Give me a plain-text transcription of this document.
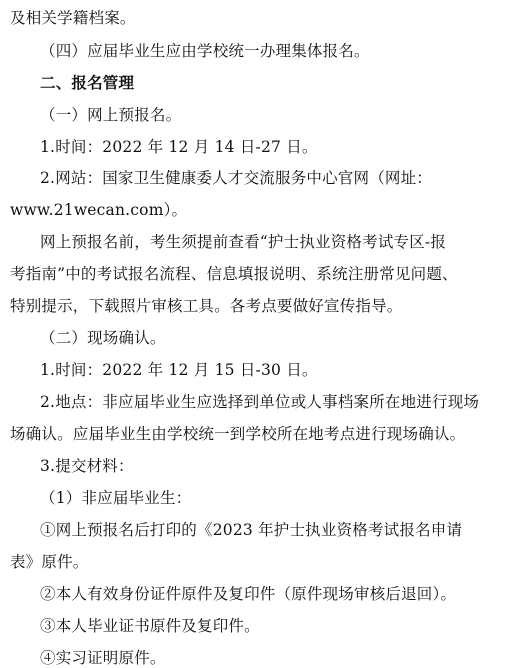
及相关学籍档案。
（四）应届毕业生应由学校统一办理集体报名。
二、报名管理
（一）网上预报名。
1.时间：2022 年 12 月 14 日-27 日。
2.网站：国家卫生健康委人才交流服务中心官网（网址：
www.21wecan.com）。
网上预报名前，考生须提前查看“护士执业资格考试专区-报
考指南”中的考试报名流程、信息填报说明、系统注册常见问题、
特别提示，下载照片审核工具。各考点要做好宣传指导。
（二）现场确认。
1.时间：2022 年 12 月 15 日-30 日。
2.地点：非应届毕业生应选择到单位或人事档案所在地进行现场
场确认。应届毕业生由学校统一到学校所在地考点进行现场确认。
3.提交材料：
（1）非应届毕业生：
①网上预报名后打印的《2023 年护士执业资格考试报名申请
表》原件。
②本人有效身份证件原件及复印件（原件现场审核后退回）。
③本人毕业证书原件及复印件。
④实习证明原件。
